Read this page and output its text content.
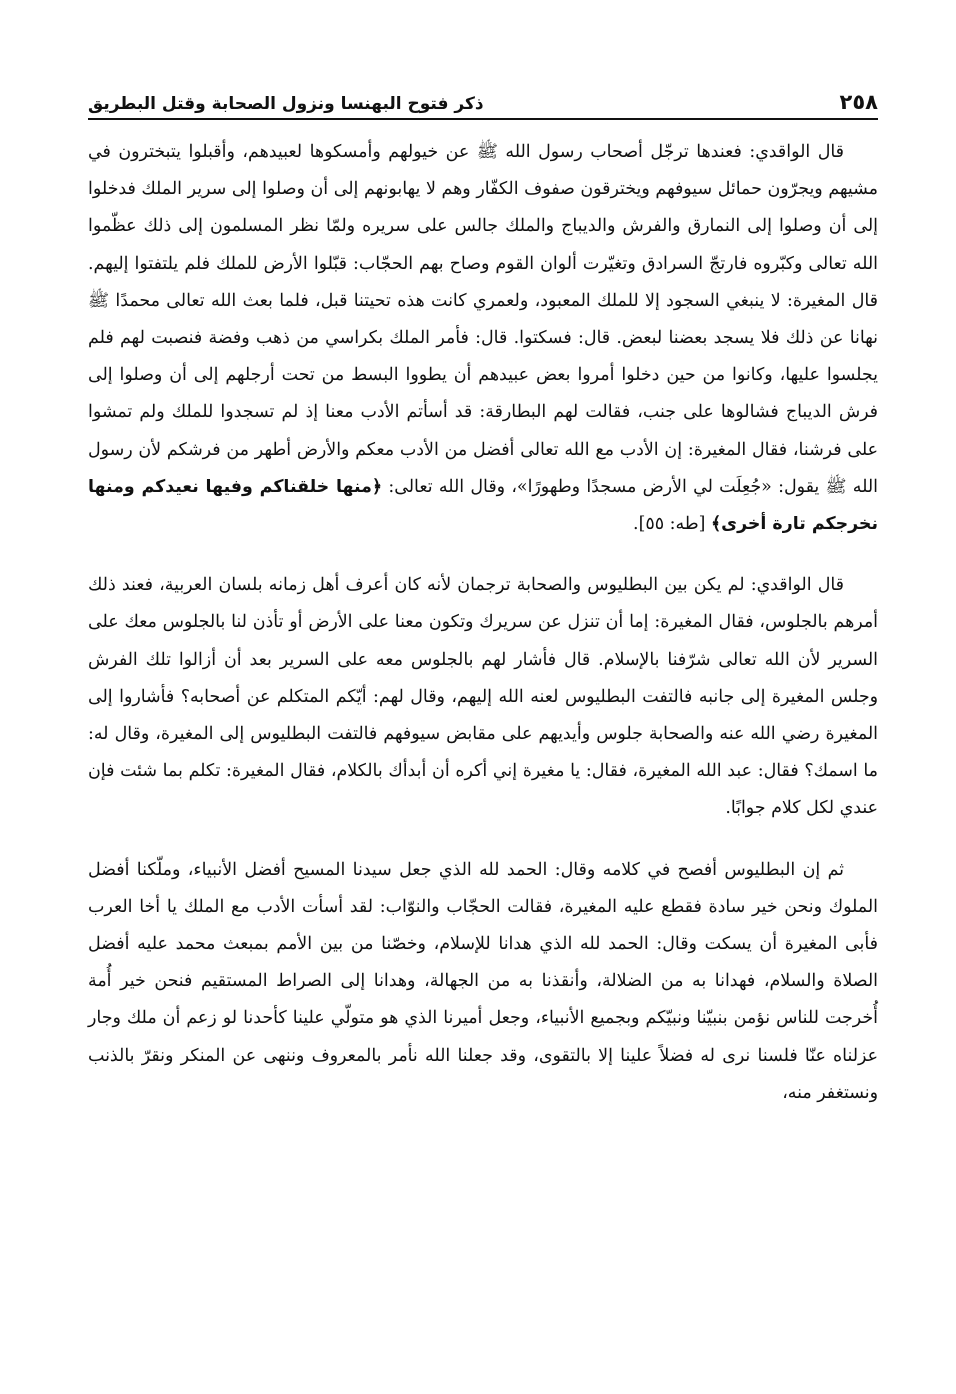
٢٥٨
ذكر فتوح البهنسا ونزول الصحابة وقتل البطريق

قال الواقدي: فعندها ترجّل أصحاب رسول الله ﷺ عن خيولهم وأمسكوها لعبيدهم، وأقبلوا يتبخترون في مشيهم ويجرّون حمائل سيوفهم ويخترقون صفوف الكفّار وهم لا يهابونهم إلى أن وصلوا إلى سرير الملك فدخلوا إلى أن وصلوا إلى النمارق والفرش والديباج والملك جالس على سريره ولمّا نظر المسلمون إلى ذلك عظّموا الله تعالى وكبّروه فارتجّ السرادق وتغيّرت ألوان القوم وصاح بهم الحجّاب: قبّلوا الأرض للملك فلم يلتفتوا إليهم. قال المغيرة: لا ينبغي السجود إلا للملك المعبود، ولعمري كانت هذه تحيتنا قبل، فلما بعث الله تعالى محمدًا ﷺ نهانا عن ذلك فلا يسجد بعضنا لبعض. قال: فسكتوا. قال: فأمر الملك بكراسي من ذهب وفضة فنصبت لهم فلم يجلسوا عليها، وكانوا من حين دخلوا أمروا بعض عبيدهم أن يطووا البسط من تحت أرجلهم إلى أن وصلوا إلى فرش الديباج فشالوها على جنب، فقالت لهم البطارقة: قد أسأتم الأدب معنا إذ لم تسجدوا للملك ولم تمشوا على فرشنا، فقال المغيرة: إن الأدب مع الله تعالى أفضل من الأدب معكم والأرض أطهر من فرشكم لأن رسول الله ﷺ يقول: «جُعِلَت لي الأرض مسجدًا وطهورًا»، وقال الله تعالى: ﴿منها خلقناكم وفيها نعيدكم ومنها نخرجكم تارة أخرى﴾ [طه: ٥٥].

قال الواقدي: لم يكن بين البطليوس والصحابة ترجمان لأنه كان أعرف أهل زمانه بلسان العربية، فعند ذلك أمرهم بالجلوس، فقال المغيرة: إما أن تنزل عن سريرك وتكون معنا على الأرض أو تأذن لنا بالجلوس معك على السرير لأن الله تعالى شرّفنا بالإسلام. قال فأشار لهم بالجلوس معه على السرير بعد أن أزالوا تلك الفرش وجلس المغيرة إلى جانبه فالتفت البطليوس لعنه الله إليهم، وقال لهم: أيّكم المتكلم عن أصحابه؟ فأشاروا إلى المغيرة رضي الله عنه والصحابة جلوس وأيديهم على مقابض سيوفهم فالتفت البطليوس إلى المغيرة، وقال له: ما اسمك؟ فقال: عبد الله المغيرة، فقال: يا مغيرة إني أكره أن أبدأك بالكلام، فقال المغيرة: تكلم بما شئت فإن عندي لكل كلام جوابًا.

ثم إن البطليوس أفصح في كلامه وقال: الحمد لله الذي جعل سيدنا المسيح أفضل الأنبياء، وملّكنا أفضل الملوك ونحن خير سادة فقطع عليه المغيرة، فقالت الحجّاب والنوّاب: لقد أسأت الأدب مع الملك يا أخا العرب فأبى المغيرة أن يسكت وقال: الحمد لله الذي هدانا للإسلام، وخصّنا من بين الأمم بمبعث محمد عليه أفضل الصلاة والسلام، فهدانا به من الضلالة، وأنقذنا به من الجهالة، وهدانا إلى الصراط المستقيم فنحن خير أُمة أُخرجت للناس نؤمن بنبيّنا ونبيّكم وبجميع الأنبياء، وجعل أميرنا الذي هو متولّي علينا كأحدنا لو زعم أن ملك وجار عزلناه عنّا فلسنا نرى له فضلاً علينا إلا بالتقوى، وقد جعلنا الله نأمر بالمعروف وننهى عن المنكر ونقرّ بالذنب ونستغفر منه،
